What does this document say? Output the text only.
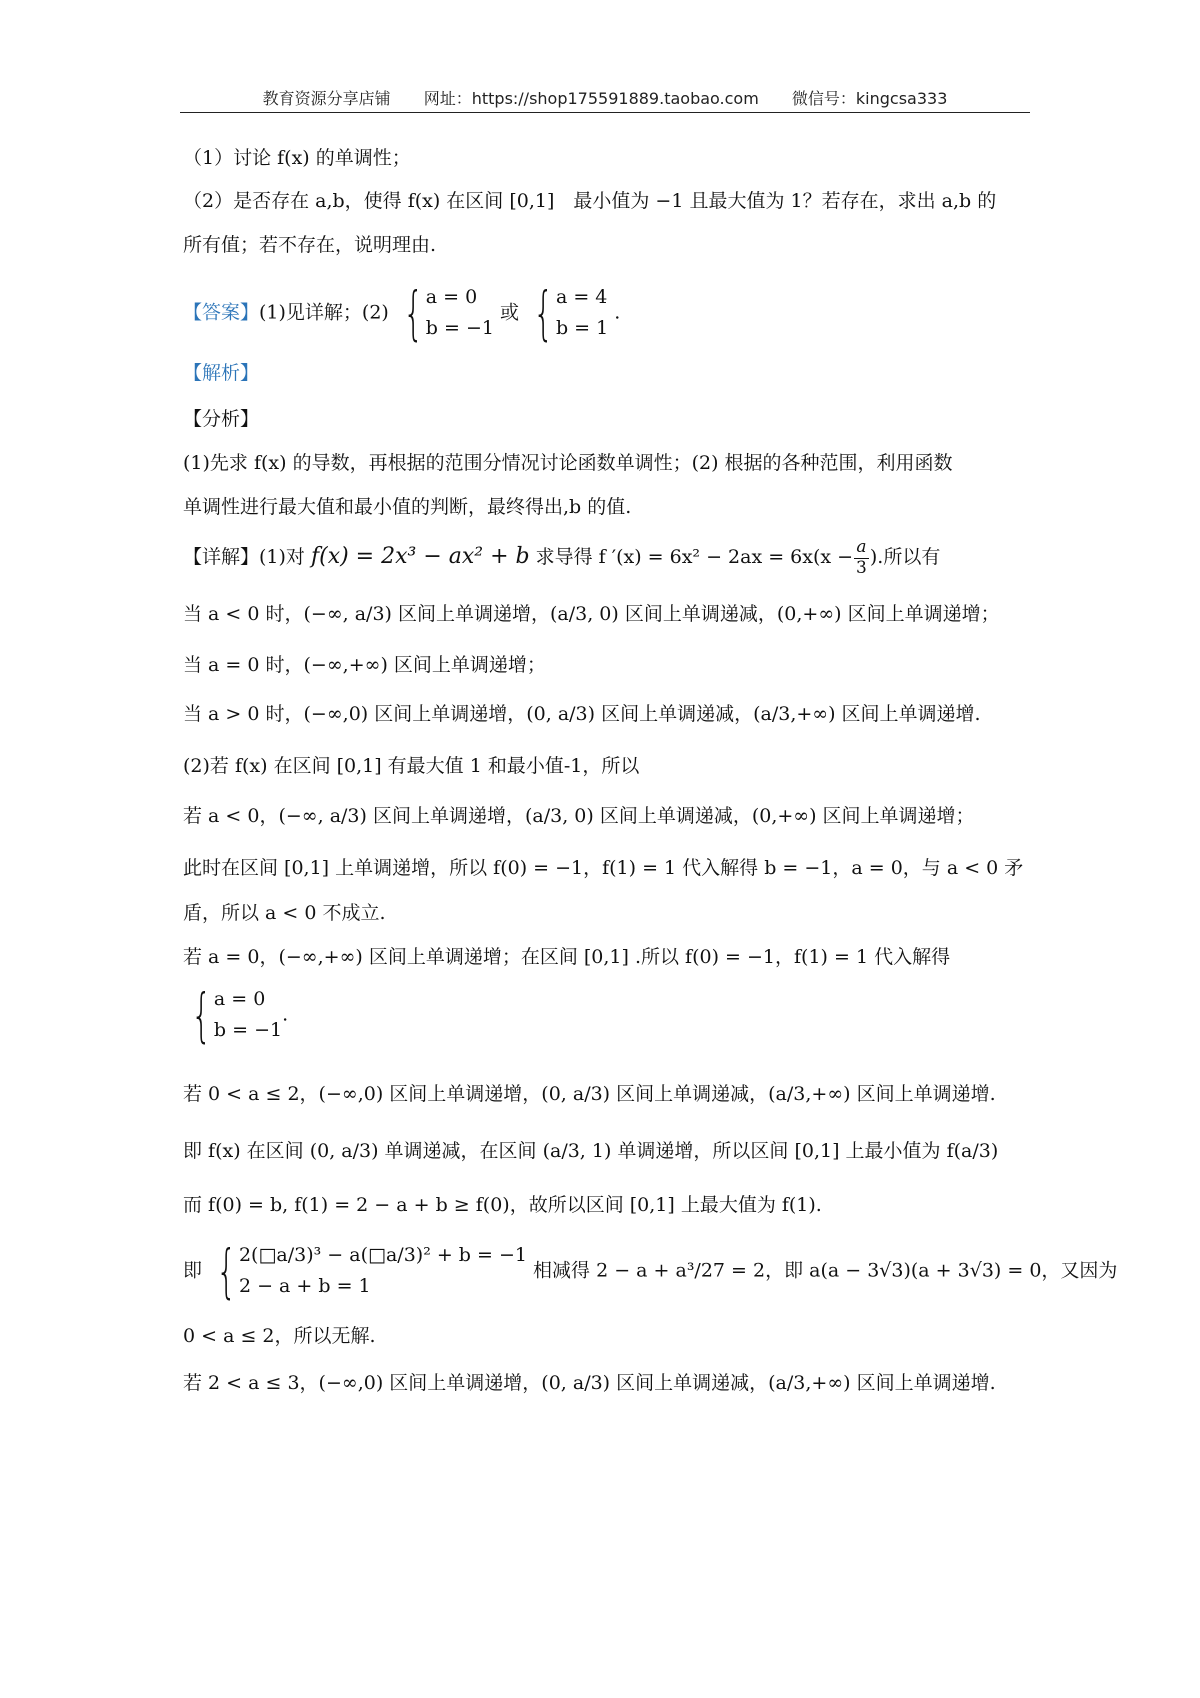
教育资源分享店铺 网址：https://shop175591889.taobao.com 微信号：kingcsa333
（1）讨论 f(x) 的单调性；
（2）是否存在 a,b，使得 f(x) 在区间 [0,1]　最小值为 −1 且最大值为 1？若存在，求出 a,b 的
所有值；若不存在，说明理由.
【答案】(1)见详解；(2) { a = 0
b = −1
或 { a = 4
b = 1
.
【解析】
【分析】
(1)先求 f(x) 的导数，再根据的范围分情况讨论函数单调性；(2) 根据的各种范围，利用函数
单调性进行最大值和最小值的判断，最终得出,b 的值.
【详解】(1)对 f(x) = 2x³ − ax² + b 求导得 f $'(x) = 6x^2 - 2ax = 6x(x - \frac{a}{3}$ ).所以有
当 a < 0 时，(−∞, a/3) 区间上单调递增，(a/3, 0) 区间上单调递减，(0,+∞) 区间上单调递增；
当 a = 0 时，(−∞,+∞) 区间上单调递增；
当 a > 0 时，(−∞,0) 区间上单调递增，(0, a/3) 区间上单调递减，(a/3,+∞) 区间上单调递增.
(2)若 f(x) 在区间 [0,1] 有最大值 1 和最小值-1，所以
若 a < 0，(−∞, a/3) 区间上单调递增，(a/3, 0) 区间上单调递减，(0,+∞) 区间上单调递增；
此时在区间 [0,1] 上单调递增，所以 f(0) = −1，f(1) = 1 代入解得 b = −1，a = 0，与 a < 0 矛
盾，所以 a < 0 不成立.
若 a = 0，(−∞,+∞) 区间上单调递增；在区间 [0,1] .所以 f(0) = −1，f(1) = 1 代入解得
{ a = 0
b = −1
.
若 0 < a ≤ 2，(−∞,0) 区间上单调递增，(0, a/3) 区间上单调递减，(a/3,+∞) 区间上单调递增.
即 f(x) 在区间 (0, a/3) 单调递减，在区间 (a/3, 1) 单调递增，所以区间 [0,1] 上最小值为 f(a/3)
而 f(0) = b, f(1) = 2 − a + b ≥ f(0)，故所以区间 [0,1] 上最大值为 f(1).
即 { 2(□a/3)³ − a(□a/3)² + b = −1
2 − a + b = 1
相减得 2 − a + a³/27 = 2，即 a(a − 3√3)(a + 3√3) = 0，又因为
0 < a ≤ 2，所以无解.
若 2 < a ≤ 3，(−∞,0) 区间上单调递增，(0, a/3) 区间上单调递减，(a/3,+∞) 区间上单调递增.
